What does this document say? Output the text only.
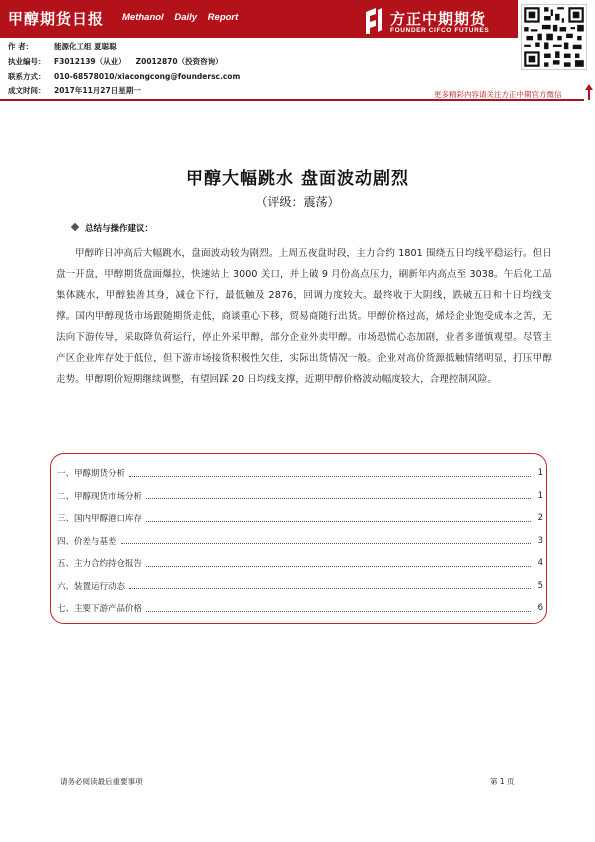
甲醇期货日报 Methanol Daily Report	方正中期期货
FOUNDER CIFCO FUTURES
作 者：	能源化工组 夏聪聪
执业编号： F3012139（从业） Z0012870（投资咨询）
联系方式： 010-68578010/xiacongcong@foundersc.com
成文时间： 2017年11月27日星期一	更多精彩内容请关注方正中期官方微信
甲醇大幅跳水 盘面波动剧烈
（评级：震荡）
总结与操作建议：
甲醇昨日冲高后大幅跳水，盘面波动较为剧烈。上周五夜盘时段，主力合约 1801 围绕五日均线平稳运行。但日盘一开盘，甲醇期货盘面爆拉，快速站上 3000 关口，并上破 9 月份高点压力，刷新年内高点至 3038。午后化工品集体跳水，甲醇独善其身，减仓下行，最低触及 2876，回调力度较大。最终收于大阴线，跌破五日和十日均线支撑。国内甲醇现货市场跟随期货走低，商谈重心下移，贸易商随行出货。甲醇价格过高，烯烃企业饱受成本之苦，无法向下游传导，采取降负荷运行，停止外采甲醇，部分企业外卖甲醇。市场恐慌心态加剧，业者多谨慎观望。尽管主产区企业库存处于低位，但下游市场接货积极性欠佳，实际出货情况一般。企业对高价货源抵触情绪明显，打压甲醇走势。甲醇期价短期继续调整，有望回踩 20 日均线支撑，近期甲醇价格波动幅度较大，合理控制风险。
一、甲醇期货分析	1
二、甲醇现货市场分析	1
三、国内甲醇港口库存	2
四、价差与基差	3
五、主力合约持仓报告	4
六、装置运行动态	5
七、主要下游产品价格	6
请务必阅读最后重要事项	第 1 页
